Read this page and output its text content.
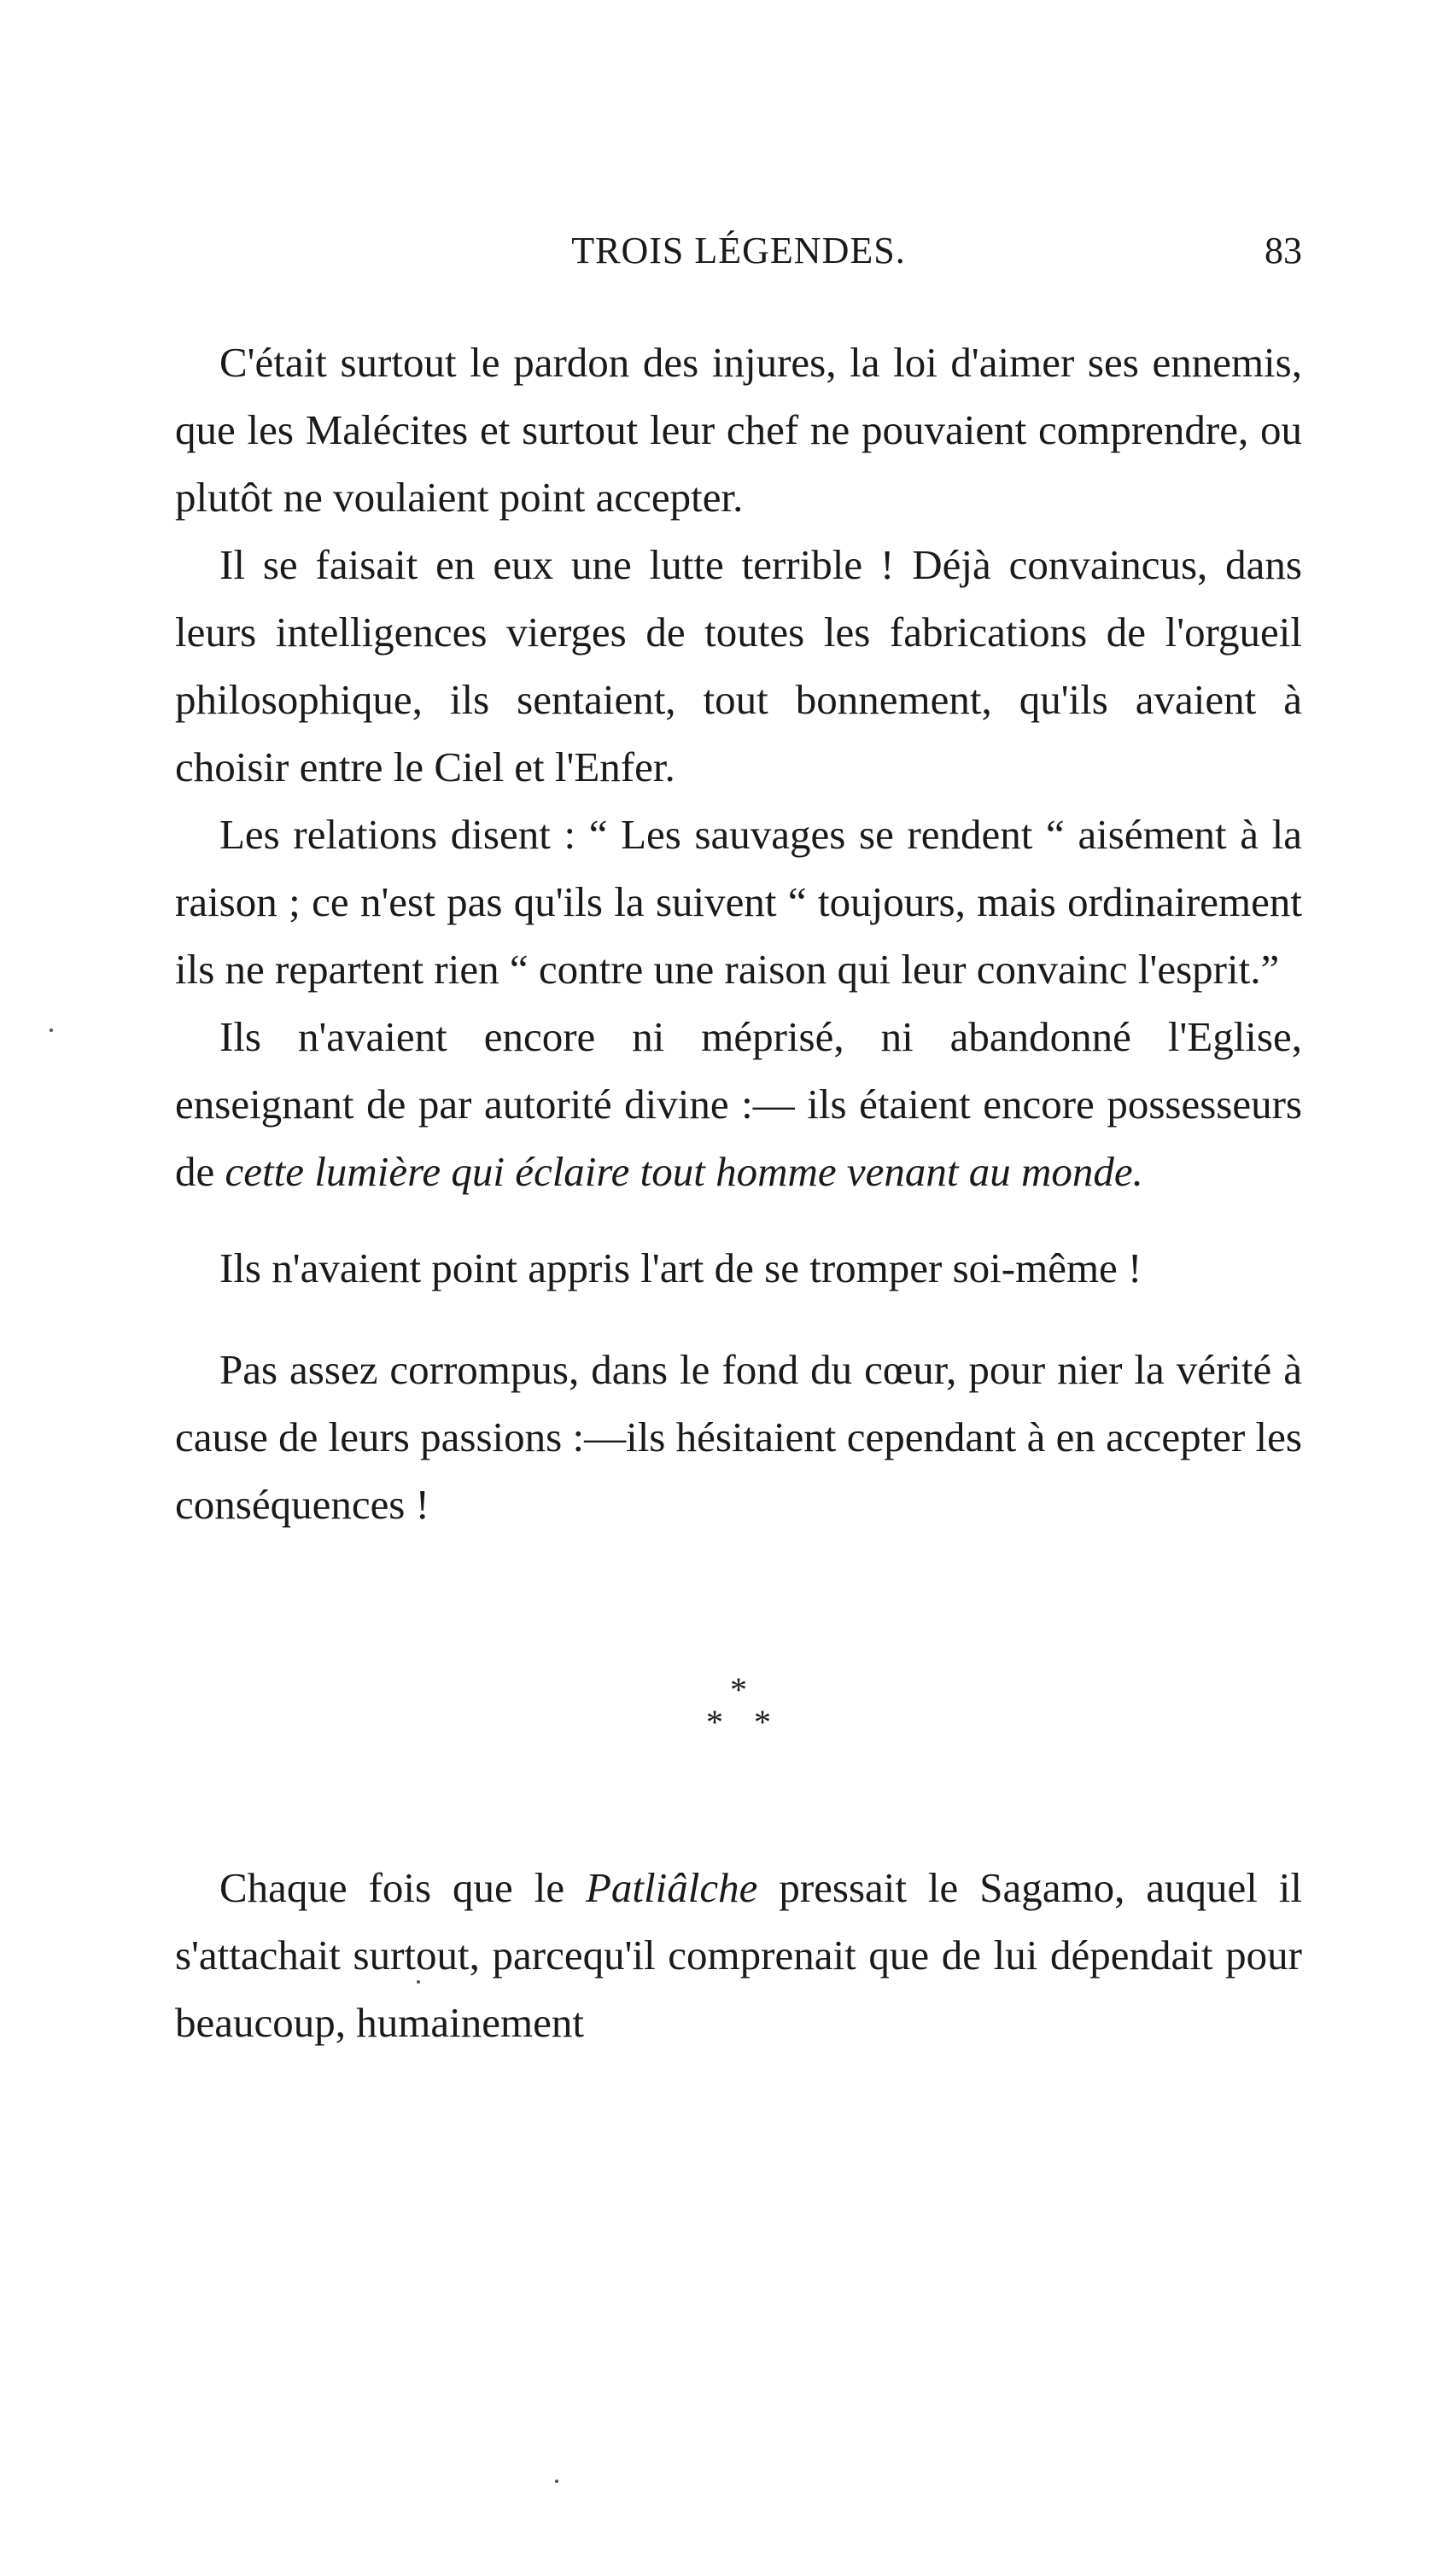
TROIS LÉGENDES.	83

C'était surtout le pardon des injures, la loi d'aimer ses ennemis, que les Malécites et surtout leur chef ne pouvaient comprendre, ou plutôt ne voulaient point accepter.

Il se faisait en eux une lutte terrible ! Déjà convaincus, dans leurs intelligences vierges de toutes les fabrications de l'orgueil philosophique, ils sentaient, tout bonnement, qu'ils avaient à choisir entre le Ciel et l'Enfer.

Les relations disent : “ Les sauvages se rendent “ aisément à la raison ; ce n'est pas qu'ils la suivent “ toujours, mais ordinairement ils ne repartent rien “ contre une raison qui leur convainc l'esprit.”

Ils n'avaient encore ni méprisé, ni abandonné l'Eglise, enseignant de par autorité divine :— ils étaient encore possesseurs de cette lumière qui éclaire tout homme venant au monde.

Ils n'avaient point appris l'art de se tromper soi-même !

Pas assez corrompus, dans le fond du cœur, pour nier la vérité à cause de leurs passions :—ils hésitaient cependant à en accepter les conséquences !

*
* *

Chaque fois que le Patliâlche pressait le Sagamo, auquel il s'attachait surtout, parcequ'il comprenait que de lui dépendait pour beaucoup, humainement
